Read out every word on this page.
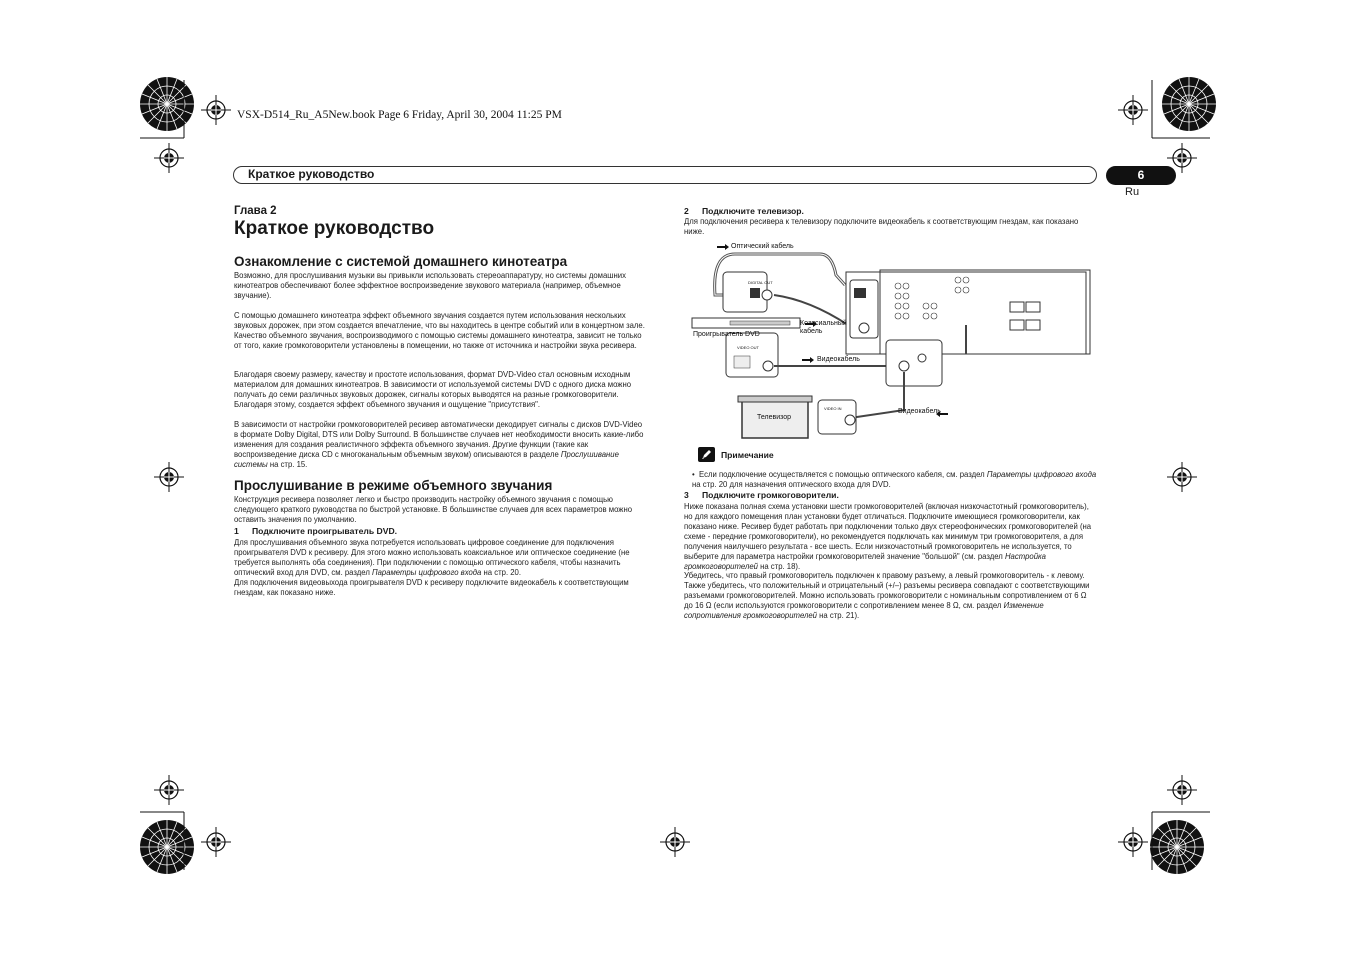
VSX-D514_Ru_A5New.book Page 6 Friday, April 30, 2004 11:25 PM
Краткое руководство	6
Ru
Глава 2
Краткое руководство
Ознакомление с системой домашнего кинотеатра
Возможно, для прослушивания музыки вы привыкли использовать стереоаппаратуру, но системы домашних кинотеатров обеспечивают более эффектное воспроизведение звукового материала (например, объемное звучание).
С помощью домашнего кинотеатра эффект объемного звучания создается путем использования нескольких звуковых дорожек, при этом создается впечатление, что вы находитесь в центре событий или в концертном зале. Качество объемного звучания, воспроизводимого с помощью системы домашнего кинотеатра, зависит не только от того, какие громкоговорители установлены в помещении, но также от источника и настройки звука ресивера.
Благодаря своему размеру, качеству и простоте использования, формат DVD-Video стал основным исходным материалом для домашних кинотеатров. В зависимости от используемой системы DVD с одного диска можно получать до семи различных звуковых дорожек, сигналы которых выводятся на разные громкоговорители. Благодаря этому, создается эффект объемного звучания и ощущение "присутствия".
В зависимости от настройки громкоговорителей ресивер автоматически декодирует сигналы с дисков DVD-Video в формате Dolby Digital, DTS или Dolby Surround. В большинстве случаев нет необходимости вносить какие-либо изменения для создания реалистичного эффекта объемного звучания. Другие функции (такие как воспроизведение диска CD с многоканальным объемным звуком) описываются в разделе Прослушивание системы на стр. 15.
Прослушивание в режиме объемного звучания
Конструкция ресивера позволяет легко и быстро производить настройку объемного звучания с помощью следующего краткого руководства по быстрой установке. В большинстве случаев для всех параметров можно оставить значения по умолчанию.
1 Подключите проигрыватель DVD.
Для прослушивания объемного звука потребуется использовать цифровое соединение для подключения проигрывателя DVD к ресиверу. Для этого можно использовать коаксиальное или оптическое соединение (не требуется выполнять оба соединения). При подключении с помощью оптического кабеля, чтобы назначить оптический вход для DVD, см. раздел Параметры цифрового входа на стр. 20.
Для подключения видеовыхода проигрывателя DVD к ресиверу подключите видеокабель к соответствующим гнездам, как показано ниже.
2 Подключите телевизор.
Для подключения ресивера к телевизору подключите видеокабель к соответствующим гнездам, как показано ниже.
Оптический кабель
DIGITAL OUT
Коаксиальный кабель
Проигрыватель DVD
VIDEO OUT
Видеокабель
Телевизор
VIDEO IN	Видеокабель
Примечание
• Если подключение осуществляется с помощью оптического кабеля, см. раздел Параметры цифрового входа на стр. 20 для назначения оптического входа для DVD.
3 Подключите громкоговорители.
Ниже показана полная схема установки шести громкоговорителей (включая низкочастотный громкоговоритель), но для каждого помещения план установки будет отличаться. Подключите имеющиеся громкоговорители, как показано ниже. Ресивер будет работать при подключении только двух стереофонических громкоговорителей (на схеме - передние громкоговорители), но рекомендуется подключать как минимум три громкоговорителя, а для получения наилучшего результата - все шесть. Если низкочастотный громкоговоритель не используется, то выберите для параметра настройки громкоговорителей значение "большой" (см. раздел Настройка громкоговорителей на стр. 18).
Убедитесь, что правый громкоговоритель подключен к правому разъему, а левый громкоговоритель - к левому. Также убедитесь, что положительный и отрицательный (+/–) разъемы ресивера совпадают с соответствующими разъемами громкоговорителей. Можно использовать громкоговорители с номинальным сопротивлением от 6 Ω до 16 Ω (если используются громкоговорители с сопротивлением менее 8 Ω, см. раздел Изменение сопротивления громкоговорителей на стр. 21).
